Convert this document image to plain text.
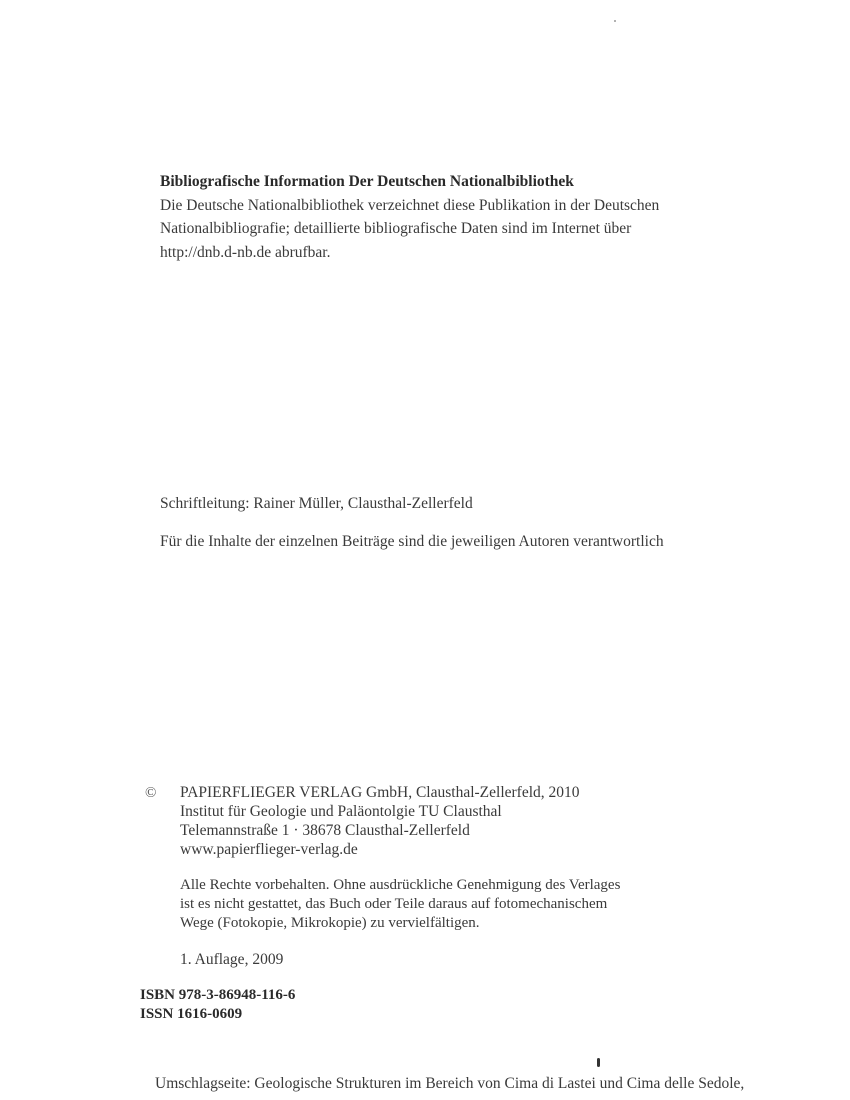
Bibliografische Information Der Deutschen Nationalbibliothek
Die Deutsche Nationalbibliothek verzeichnet diese Publikation in der Deutschen
Nationalbibliografie; detaillierte bibliografische Daten sind im Internet über
http://dnb.d-nb.de abrufbar.
Schriftleitung: Rainer Müller, Clausthal-Zellerfeld
Für die Inhalte der einzelnen Beiträge sind die jeweiligen Autoren verantwortlich
©	PAPIERFLIEGER VERLAG GmbH, Clausthal-Zellerfeld, 2010
Institut für Geologie und Paläontolgie TU Clausthal
Telemannstraße 1 · 38678 Clausthal-Zellerfeld
www.papierflieger-verlag.de
Alle Rechte vorbehalten. Ohne ausdrückliche Genehmigung des Verlages
ist es nicht gestattet, das Buch oder Teile daraus auf fotomechanischem
Wege (Fotokopie, Mikrokopie) zu vervielfältigen.
1. Auflage, 2009
ISBN 978-3-86948-116-6
ISSN 1616-0609
Umschlagseite: Geologische Strukturen im Bereich von Cima di Lastei und Cima delle Sedole,
